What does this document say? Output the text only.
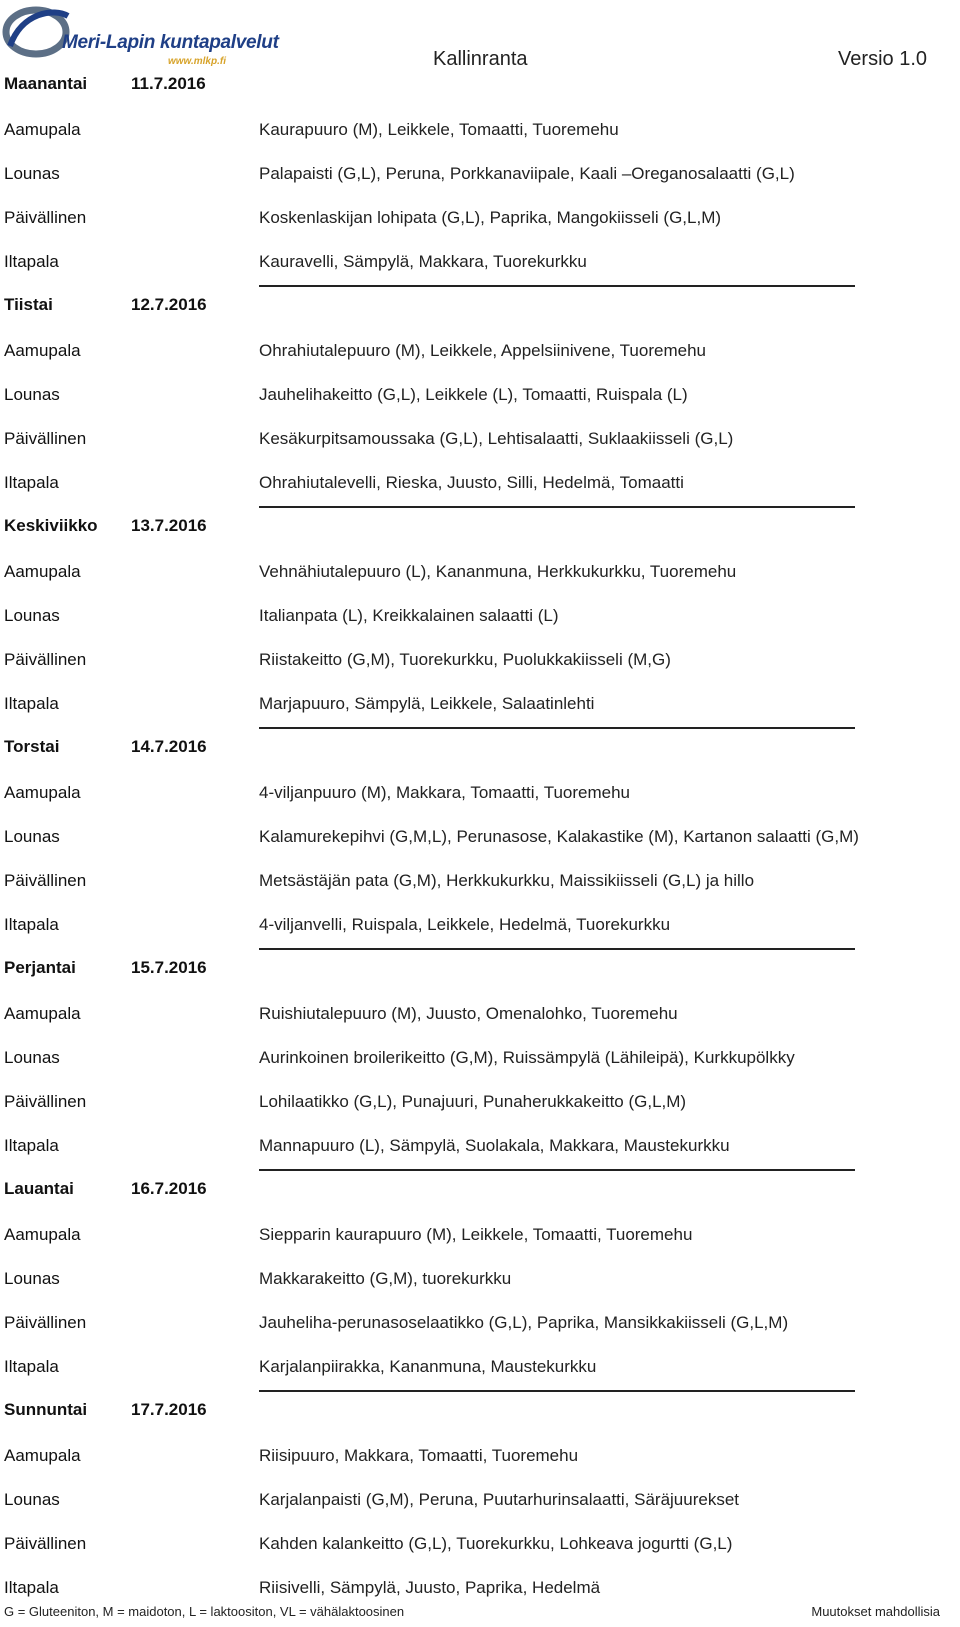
Meri-Lapin kuntapalvelut
www.mlkp.fi	Kallinranta	Versio 1.0
Maanantai	11.7.2016
Aamupala	Kaurapuuro (M), Leikkele, Tomaatti, Tuoremehu
Lounas	Palapaisti (G,L), Peruna, Porkkanaviipale, Kaali –Oreganosalaatti (G,L)
Päivällinen	Koskenlaskijan lohipata (G,L), Paprika, Mangokiisseli (G,L,M)
Iltapala	Kauravelli, Sämpylä, Makkara, Tuorekurkku
Tiistai	12.7.2016
Aamupala	Ohrahiutalepuuro (M), Leikkele, Appelsiinivene, Tuoremehu
Lounas	Jauhelihakeitto (G,L), Leikkele (L), Tomaatti, Ruispala (L)
Päivällinen	Kesäkurpitsamoussaka (G,L), Lehtisalaatti, Suklaakiisseli (G,L)
Iltapala	Ohrahiutalevelli, Rieska, Juusto, Silli, Hedelmä, Tomaatti
Keskiviikko 13.7.2016
Aamupala	Vehnähiutalepuuro (L), Kananmuna, Herkkukurkku, Tuoremehu
Lounas	Italianpata (L), Kreikkalainen salaatti (L)
Päivällinen	Riistakeitto (G,M), Tuorekurkku, Puolukkakiisseli (M,G)
Iltapala	Marjapuuro, Sämpylä, Leikkele, Salaatinlehti
Torstai	14.7.2016
Aamupala	4-viljanpuuro (M), Makkara, Tomaatti, Tuoremehu
Lounas	Kalamurekepihvi (G,M,L), Perunasose, Kalakastike (M), Kartanon salaatti (G,M)
Päivällinen	Metsästäjän pata (G,M), Herkkukurkku, Maissikiisseli (G,L) ja hillo
Iltapala	4-viljanvelli, Ruispala, Leikkele, Hedelmä, Tuorekurkku
Perjantai	15.7.2016
Aamupala	Ruishiutalepuuro (M), Juusto, Omenalohko, Tuoremehu
Lounas	Aurinkoinen broilerikeitto (G,M), Ruissämpylä (Lähileipä), Kurkkupölkky
Päivällinen	Lohilaatikko (G,L), Punajuuri, Punaherukkakeitto (G,L,M)
Iltapala	Mannapuuro (L), Sämpylä, Suolakala, Makkara, Maustekurkku
Lauantai	16.7.2016
Aamupala	Siepparin kaurapuuro (M), Leikkele, Tomaatti, Tuoremehu
Lounas	Makkarakeitto (G,M), tuorekurkku
Päivällinen	Jauheliha-perunasoselaatikko (G,L), Paprika, Mansikkakiisseli (G,L,M)
Iltapala	Karjalanpiirakka, Kananmuna, Maustekurkku
Sunnuntai	17.7.2016
Aamupala	Riisipuuro, Makkara, Tomaatti, Tuoremehu
Lounas	Karjalanpaisti (G,M), Peruna, Puutarhurinsalaatti, Säräjuurekset
Päivällinen	Kahden kalankeitto (G,L), Tuorekurkku, Lohkeava jogurtti (G,L)
Iltapala	Riisivelli, Sämpylä, Juusto, Paprika, Hedelmä
G = Gluteeniton, M = maidoton, L = laktoositon, VL = vähälaktoosinen	Muutokset mahdollisia
